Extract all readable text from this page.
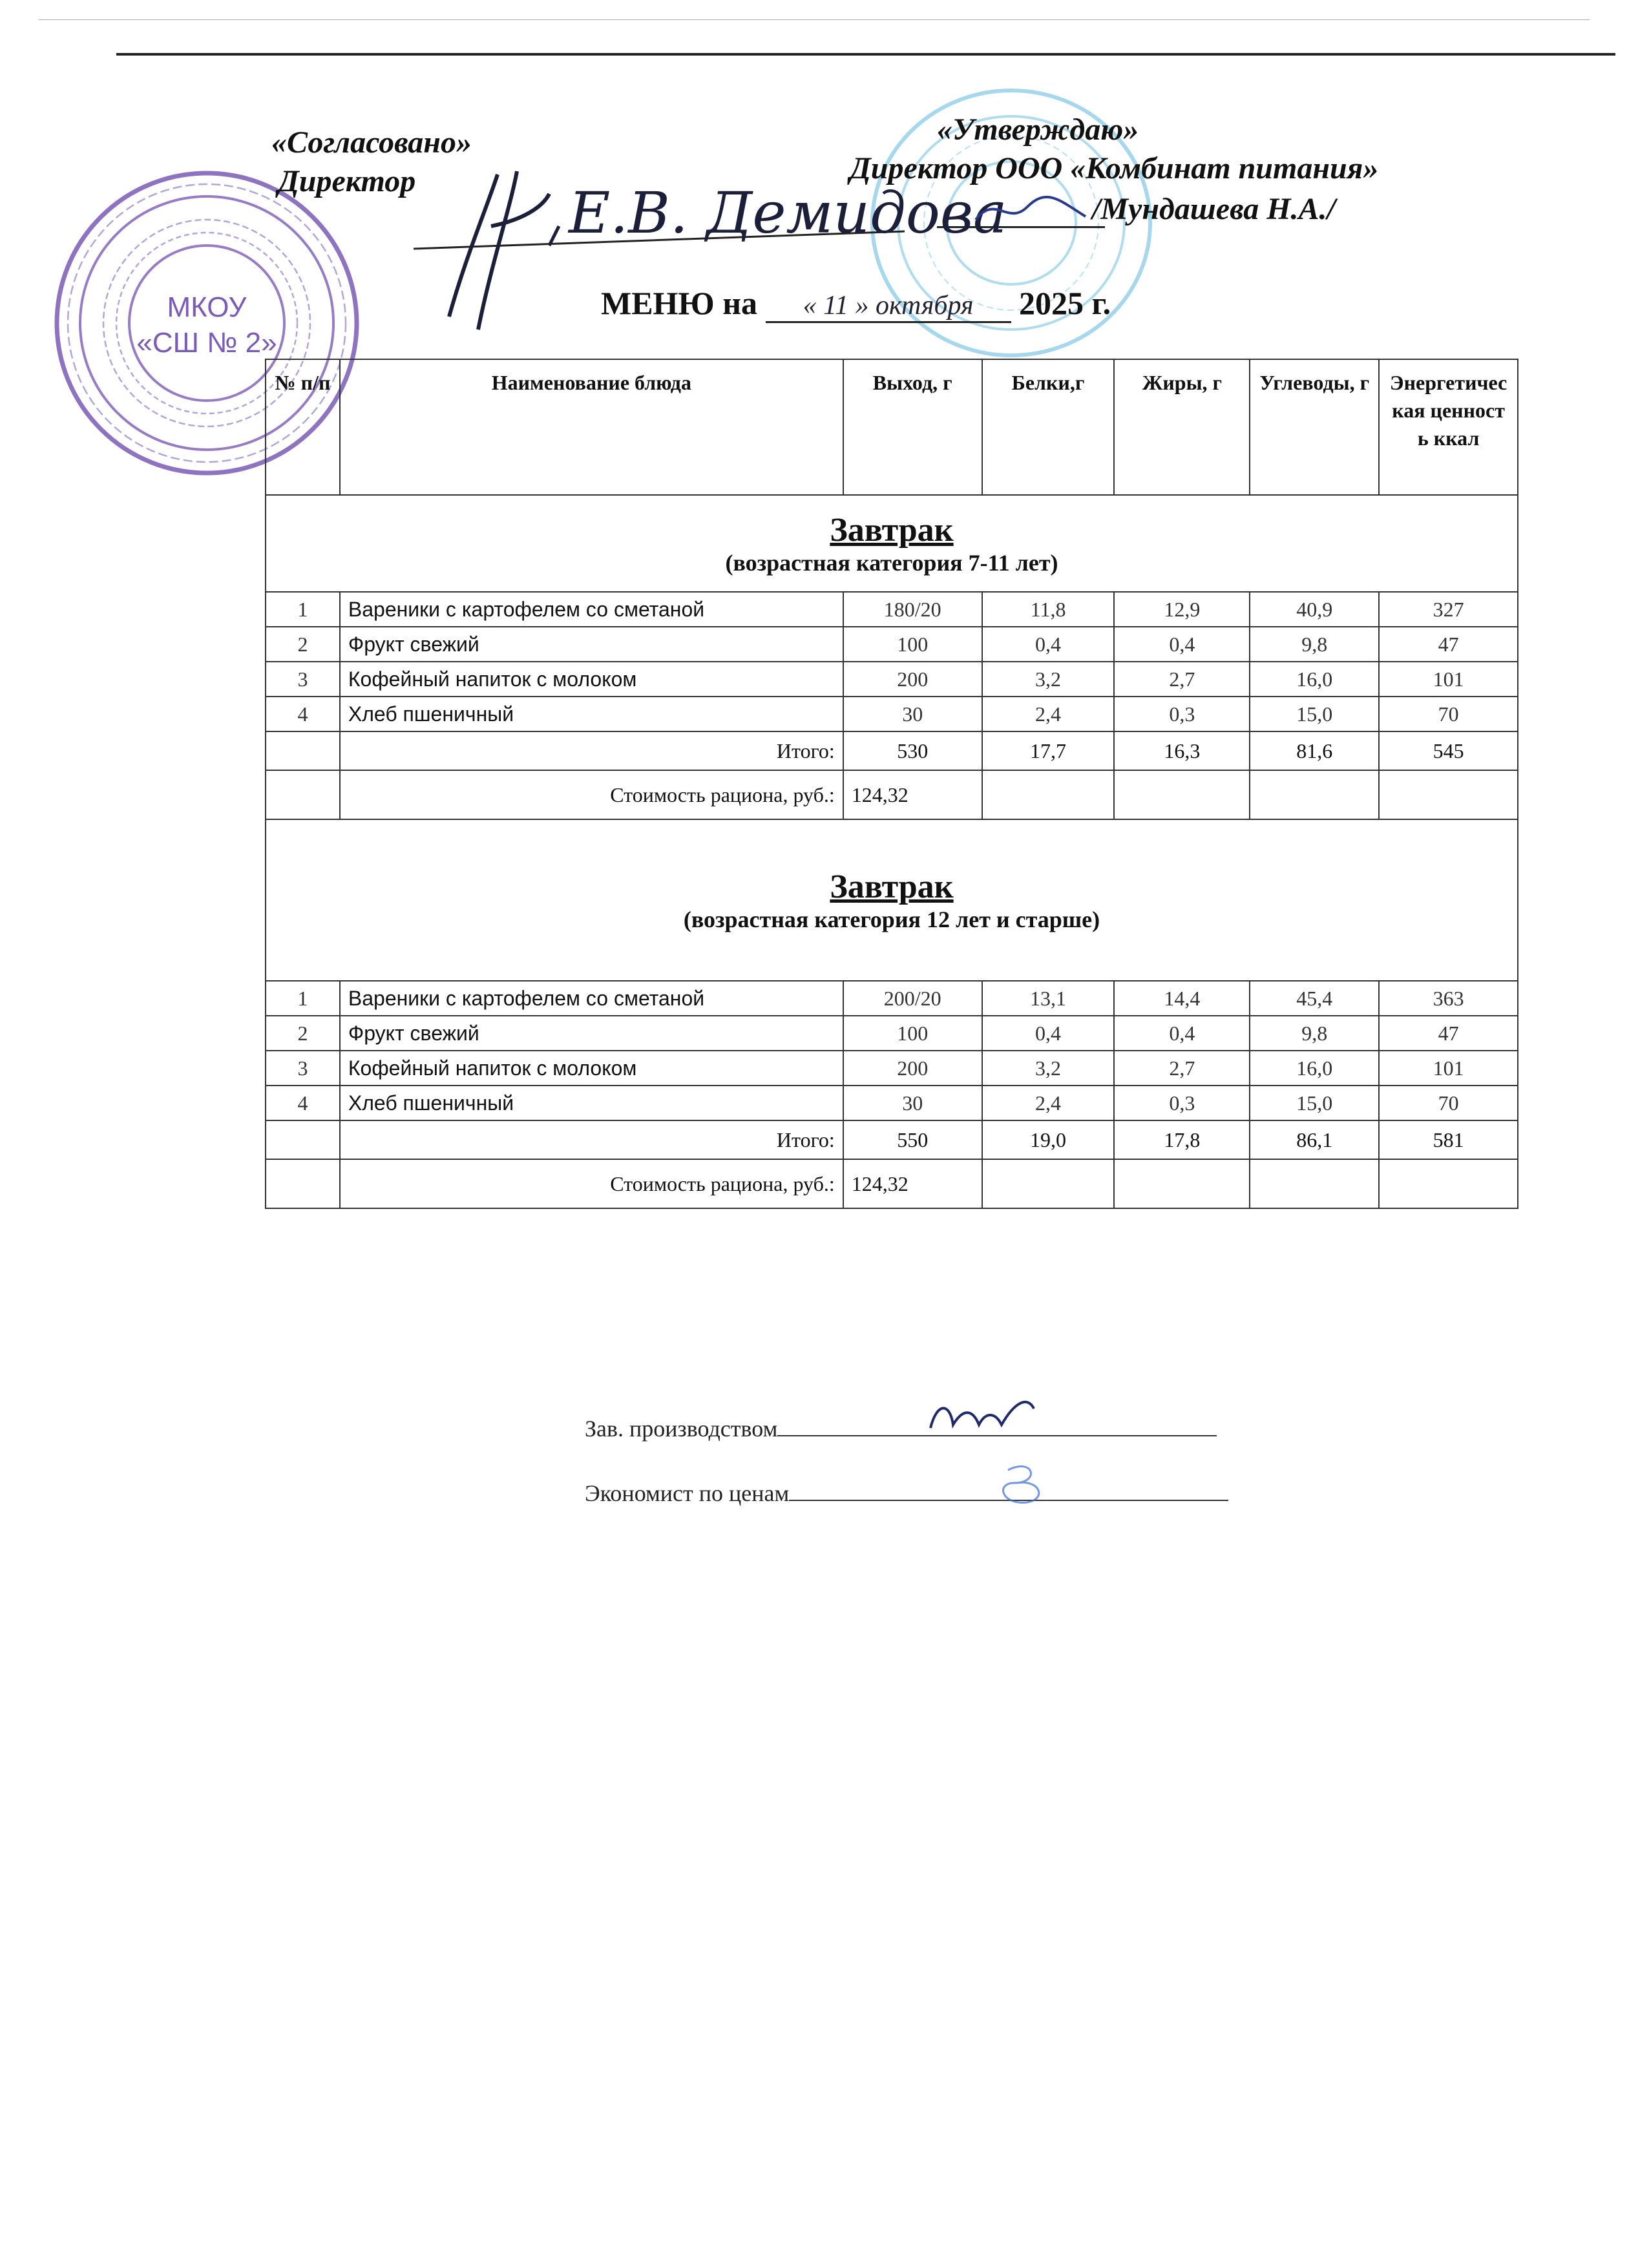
МКОУ
«СШ № 2»
«Согласовано»
Директор
«Утверждаю»
Директор ООО «Комбинат питания»
/Мундашева Н.А./
Е.В. Демидова
МЕНЮ на « 11 » октября 2025 г.
№ п/п	Наименование блюда	Выход, г	Белки,г	Жиры, г	Углеводы, г	Энергетическая ценность ккал

Завтрак
(возрастная категория 7-11 лет)						

1	Вареники с картофелем со сметаной	180/20	11,8	12,9	40,9	327
2	Фрукт свежий	100	0,4	0,4	9,8	47
3	Кофейный напиток с молоком	200	3,2	2,7	16,0	101
4	Хлеб пшеничный	30	2,4	0,3	15,0	70
	Итого:	530	17,7	16,3	81,6	545
	Стоимость рациона, руб.:	124,32				

Завтрак
(возрастная категория 12 лет и старше)						

1	Вареники с картофелем со сметаной	200/20	13,1	14,4	45,4	363
2	Фрукт свежий	100	0,4	0,4	9,8	47
3	Кофейный напиток с молоком	200	3,2	2,7	16,0	101
4	Хлеб пшеничный	30	2,4	0,3	15,0	70
	Итого:	550	19,0	17,8	86,1	581
	Стоимость рациона, руб.:	124,32				
Зав. производством
Экономист по ценам
